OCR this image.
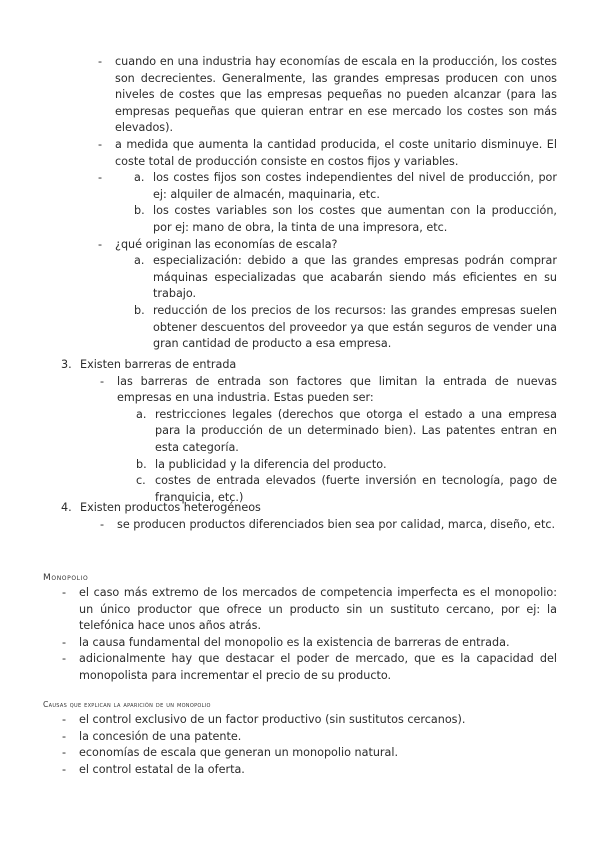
- cuando en una industria hay economías de escala en la producción, los costes son decrecientes. Generalmente, las grandes empresas producen con unos niveles de costes que las empresas pequeñas no pueden alcanzar (para las empresas pequeñas que quieran entrar en ese mercado los costes son más elevados).
- a medida que aumenta la cantidad producida, el coste unitario disminuye. El coste total de producción consiste en costos fijos y variables.
- a. los costes fijos son costes independientes del nivel de producción, por ej: alquiler de almacén, maquinaria, etc.
b. los costes variables son los costes que aumentan con la producción, por ej: mano de obra, la tinta de una impresora, etc.
- ¿qué originan las economías de escala?
a. especialización: debido a que las grandes empresas podrán comprar máquinas especializadas que acabarán siendo más eficientes en su trabajo.
b. reducción de los precios de los recursos: las grandes empresas suelen obtener descuentos del proveedor ya que están seguros de vender una gran cantidad de producto a esa empresa.
3. Existen barreras de entrada
- las barreras de entrada son factores que limitan la entrada de nuevas empresas en una industria. Estas pueden ser:
a. restricciones legales (derechos que otorga el estado a una empresa para la producción de un determinado bien). Las patentes entran en esta categoría.
b. la publicidad y la diferencia del producto.
c. costes de entrada elevados (fuerte inversión en tecnología, pago de franquicia, etc.)
4. Existen productos heterogéneos
- se producen productos diferenciados bien sea por calidad, marca, diseño, etc.
Monopolio
- el caso más extremo de los mercados de competencia imperfecta es el monopolio: un único productor que ofrece un producto sin un sustituto cercano, por ej: la telefónica hace unos años atrás.
- la causa fundamental del monopolio es la existencia de barreras de entrada.
- adicionalmente hay que destacar el poder de mercado, que es la capacidad del monopolista para incrementar el precio de su producto.
Causas que explican la aparición de un monopolio
- el control exclusivo de un factor productivo (sin sustitutos cercanos).
- la concesión de una patente.
- economías de escala que generan un monopolio natural.
- el control estatal de la oferta.
